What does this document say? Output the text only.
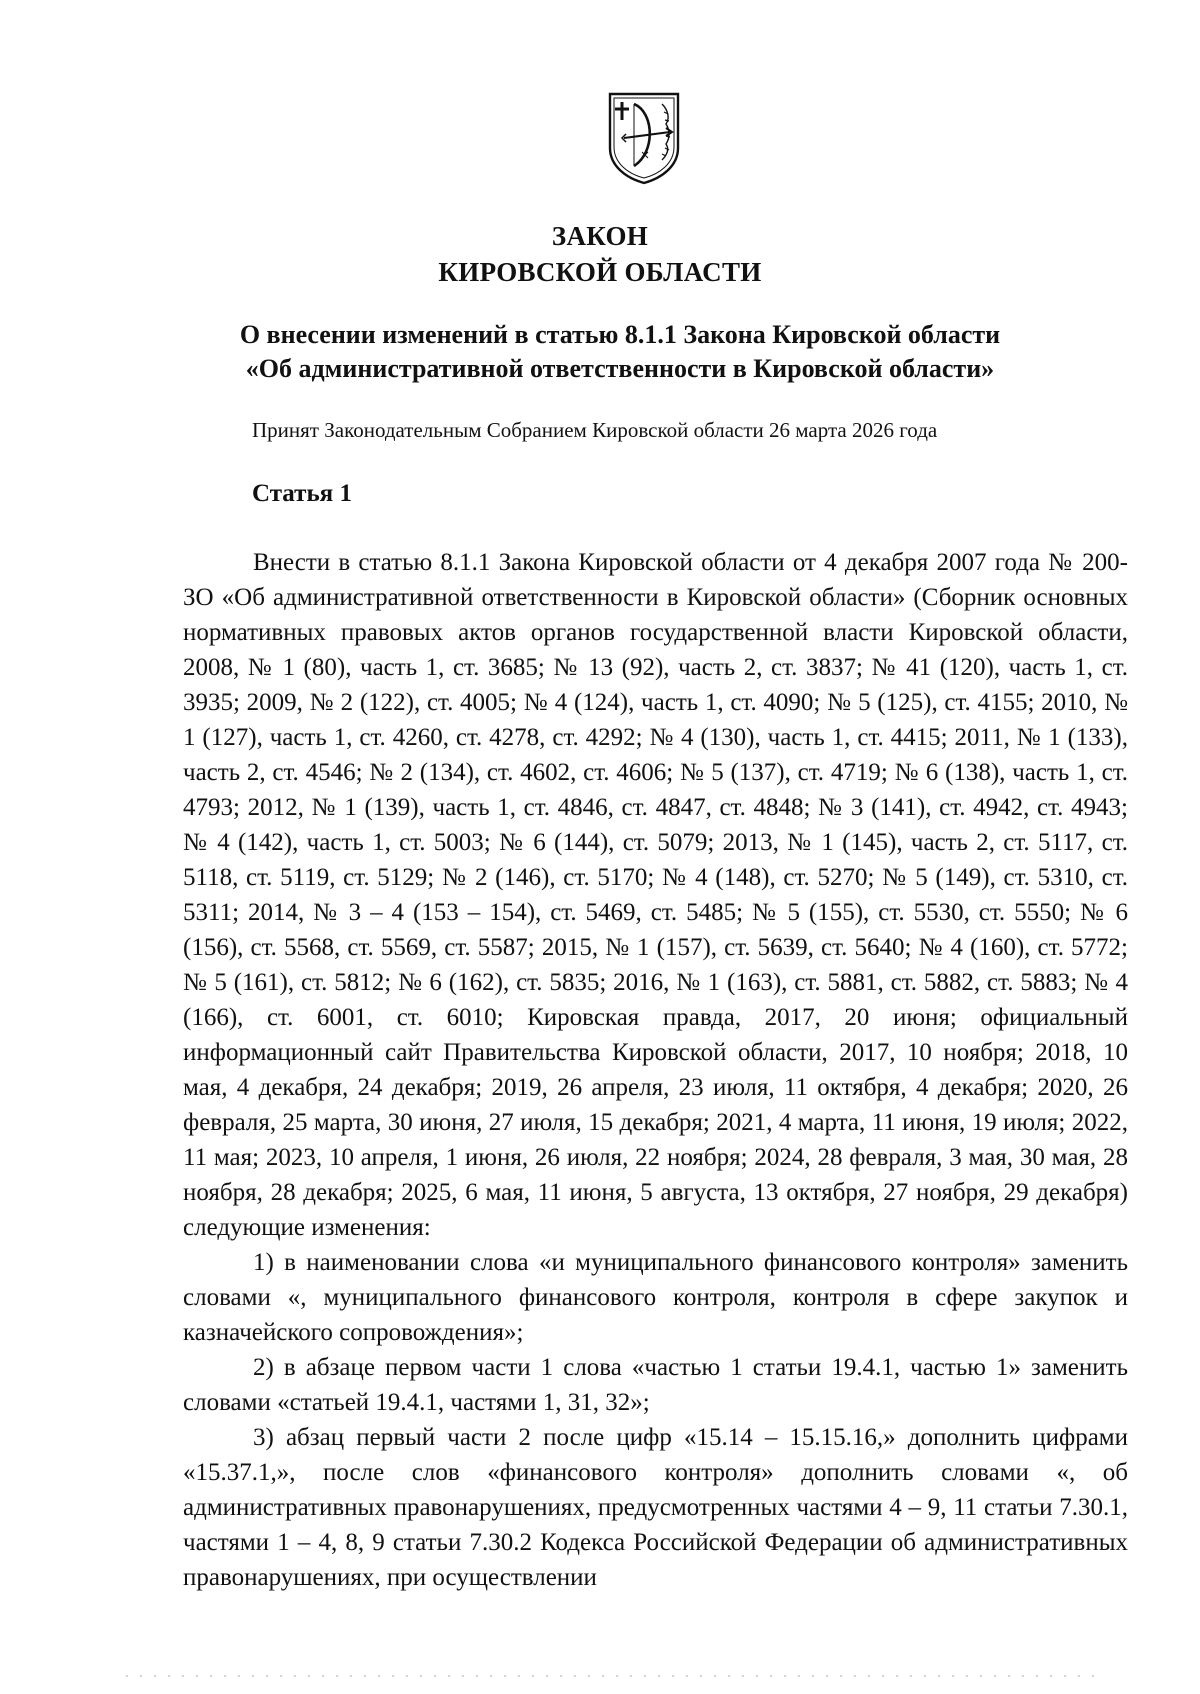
ЗАКОН
КИРОВСКОЙ ОБЛАСТИ
О внесении изменений в статью 8.1.1 Закона Кировской области
«Об административной ответственности в Кировской области»
Принят Законодательным Собранием Кировской области 26 марта 2026 года
Статья 1

Внести в статью 8.1.1 Закона Кировской области от 4 декабря 2007 года № 200-ЗО «Об административной ответственности в Кировской области» (Сборник основных нормативных правовых актов органов государственной власти Кировской области, 2008, № 1 (80), часть 1, ст. 3685; № 13 (92), часть 2, ст. 3837; № 41 (120), часть 1, ст. 3935; 2009, № 2 (122), ст. 4005; № 4 (124), часть 1, ст. 4090; № 5 (125), ст. 4155; 2010, № 1 (127), часть 1, ст. 4260, ст. 4278, ст. 4292; № 4 (130), часть 1, ст. 4415; 2011, № 1 (133), часть 2, ст. 4546; № 2 (134), ст. 4602, ст. 4606; № 5 (137), ст. 4719; № 6 (138), часть 1, ст. 4793; 2012, № 1 (139), часть 1, ст. 4846, ст. 4847, ст. 4848; № 3 (141), ст. 4942, ст. 4943; № 4 (142), часть 1, ст. 5003; № 6 (144), ст. 5079; 2013, № 1 (145), часть 2, ст. 5117, ст. 5118, ст. 5119, ст. 5129; № 2 (146), ст. 5170; № 4 (148), ст. 5270; № 5 (149), ст. 5310, ст. 5311; 2014, № 3 – 4 (153 – 154), ст. 5469, ст. 5485; № 5 (155), ст. 5530, ст. 5550; № 6 (156), ст. 5568, ст. 5569, ст. 5587; 2015, № 1 (157), ст. 5639, ст. 5640; № 4 (160), ст. 5772; № 5 (161), ст. 5812; № 6 (162), ст. 5835; 2016, № 1 (163), ст. 5881, ст. 5882, ст. 5883; № 4 (166), ст. 6001, ст. 6010; Кировская правда, 2017, 20 июня; официальный информационный сайт Правительства Кировской области, 2017, 10 ноября; 2018, 10 мая, 4 декабря, 24 декабря; 2019, 26 апреля, 23 июля, 11 октября, 4 декабря; 2020, 26 февраля, 25 марта, 30 июня, 27 июля, 15 декабря; 2021, 4 марта, 11 июня, 19 июля; 2022, 11 мая; 2023, 10 апреля, 1 июня, 26 июля, 22 ноября; 2024, 28 февраля, 3 мая, 30 мая, 28 ноября, 28 декабря; 2025, 6 мая, 11 июня, 5 августа, 13 октября, 27 ноября, 29 декабря) следующие изменения:

1) в наименовании слова «и муниципального финансового контроля» заменить словами «, муниципального финансового контроля, контроля в сфере закупок и казначейского сопровождения»;

2) в абзаце первом части 1 слова «частью 1 статьи 19.4.1, частью 1» заменить словами «статьей 19.4.1, частями 1, 31, 32»;

3) абзац первый части 2 после цифр «15.14 – 15.15.16,» дополнить цифрами «15.37.1,», после слов «финансового контроля» дополнить словами «, об административных правонарушениях, предусмотренных частями 4 – 9, 11 статьи 7.30.1, частями 1 – 4, 8, 9 статьи 7.30.2 Кодекса Российской Федерации об административных правонарушениях, при осуществлении
